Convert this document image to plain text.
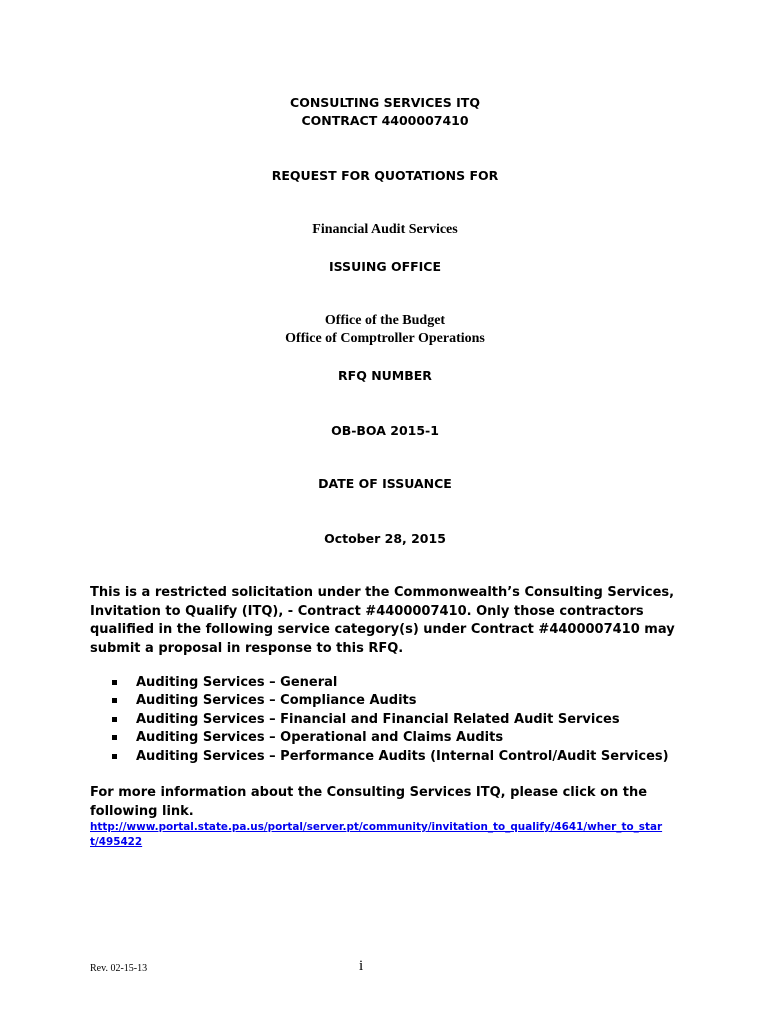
CONSULTING SERVICES ITQ
CONTRACT 4400007410
REQUEST FOR QUOTATIONS FOR
Financial Audit Services
ISSUING OFFICE
Office of the Budget
Office of Comptroller Operations
RFQ NUMBER
OB-BOA 2015-1
DATE OF ISSUANCE
October 28, 2015
This is a restricted solicitation under the Commonwealth’s Consulting Services,
Invitation to Qualify (ITQ), - Contract #4400007410. Only those contractors
qualified in the following service category(s) under Contract #4400007410 may
submit a proposal in response to this RFQ.
Auditing Services – General
Auditing Services – Compliance Audits
Auditing Services – Financial and Financial Related Audit Services
Auditing Services – Operational and Claims Audits
Auditing Services – Performance Audits (Internal Control/Audit Services)
For more information about the Consulting Services ITQ, please click on the
following link.
http://www.portal.state.pa.us/portal/server.pt/community/invitation_to_qualify/4641/wher_to_star
t/495422
Rev. 02-15-13	i
